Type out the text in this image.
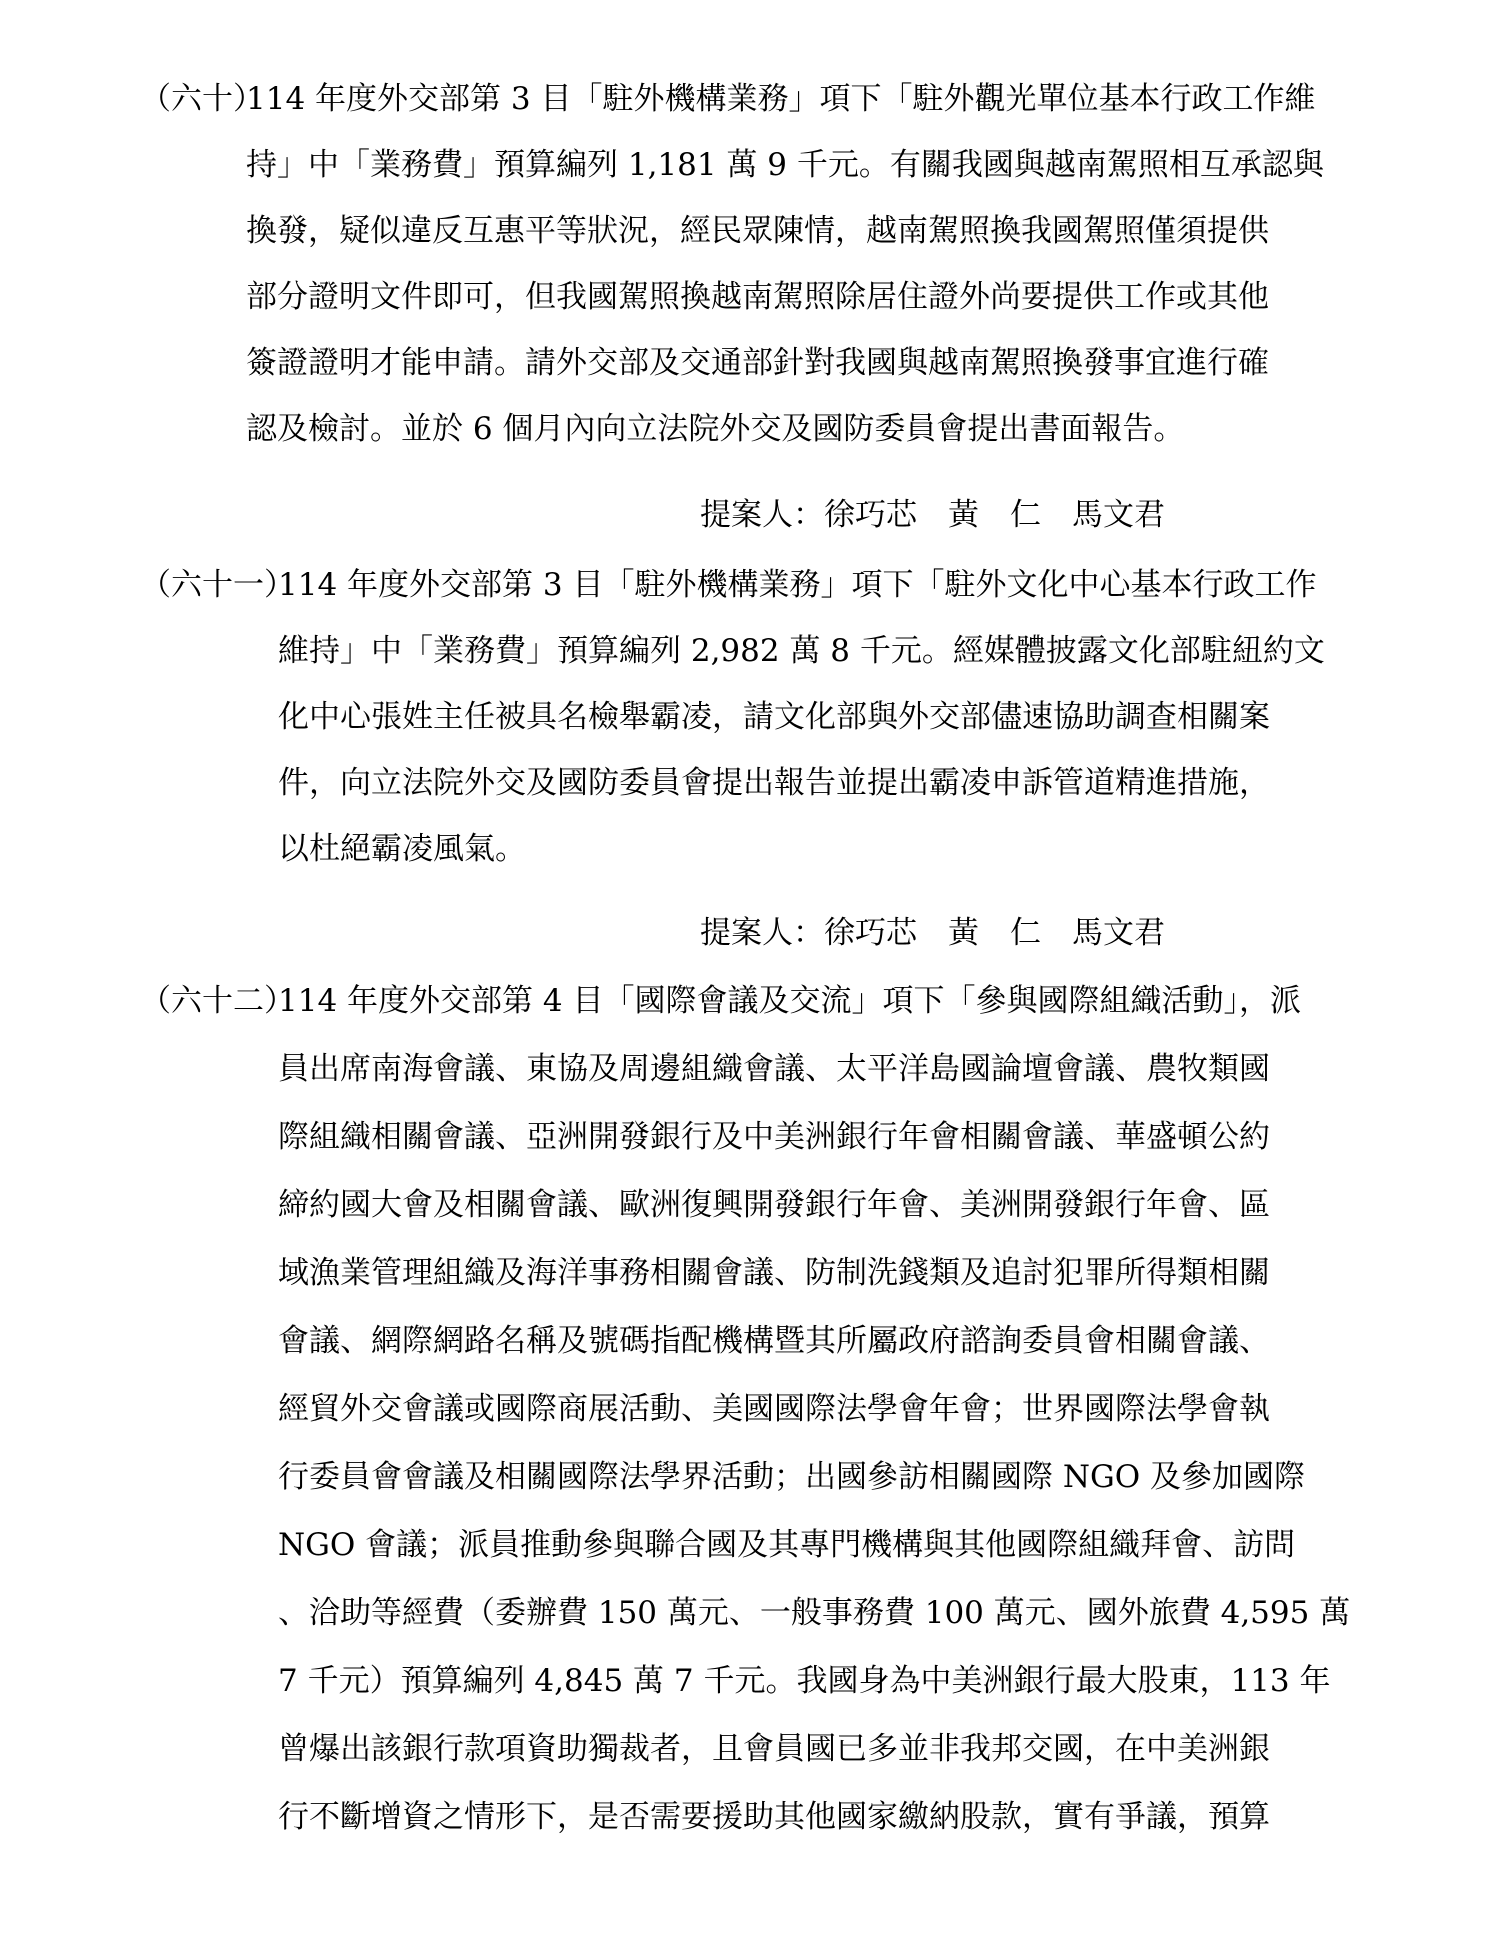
（六十）
114 年度外交部第 3 目「駐外機構業務」項下「駐外觀光單位基本行政工作維
持」中「業務費」預算編列 1,181 萬 9 千元。有關我國與越南駕照相互承認與
換發，疑似違反互惠平等狀況，經民眾陳情，越南駕照換我國駕照僅須提供
部分證明文件即可，但我國駕照換越南駕照除居住證外尚要提供工作或其他
簽證證明才能申請。請外交部及交通部針對我國與越南駕照換發事宜進行確
認及檢討。並於 6 個月內向立法院外交及國防委員會提出書面報告。
提案人：徐巧芯　黃　仁　馬文君
（六十一）
114 年度外交部第 3 目「駐外機構業務」項下「駐外文化中心基本行政工作
維持」中「業務費」預算編列 2,982 萬 8 千元。經媒體披露文化部駐紐約文
化中心張姓主任被具名檢舉霸凌，請文化部與外交部儘速協助調查相關案
件，向立法院外交及國防委員會提出報告並提出霸凌申訴管道精進措施，
以杜絕霸凌風氣。
提案人：徐巧芯　黃　仁　馬文君
（六十二）
114 年度外交部第 4 目「國際會議及交流」項下「參與國際組織活動」，派
員出席南海會議、東協及周邊組織會議、太平洋島國論壇會議、農牧類國
際組織相關會議、亞洲開發銀行及中美洲銀行年會相關會議、華盛頓公約
締約國大會及相關會議、歐洲復興開發銀行年會、美洲開發銀行年會、區
域漁業管理組織及海洋事務相關會議、防制洗錢類及追討犯罪所得類相關
會議、網際網路名稱及號碼指配機構暨其所屬政府諮詢委員會相關會議、
經貿外交會議或國際商展活動、美國國際法學會年會；世界國際法學會執
行委員會會議及相關國際法學界活動；出國參訪相關國際 NGO 及參加國際
NGO 會議；派員推動參與聯合國及其專門機構與其他國際組織拜會、訪問
、洽助等經費（委辦費 150 萬元、一般事務費 100 萬元、國外旅費 4,595 萬
7 千元）預算編列 4,845 萬 7 千元。我國身為中美洲銀行最大股東，113 年
曾爆出該銀行款項資助獨裁者，且會員國已多並非我邦交國，在中美洲銀
行不斷增資之情形下，是否需要援助其他國家繳納股款，實有爭議，預算
